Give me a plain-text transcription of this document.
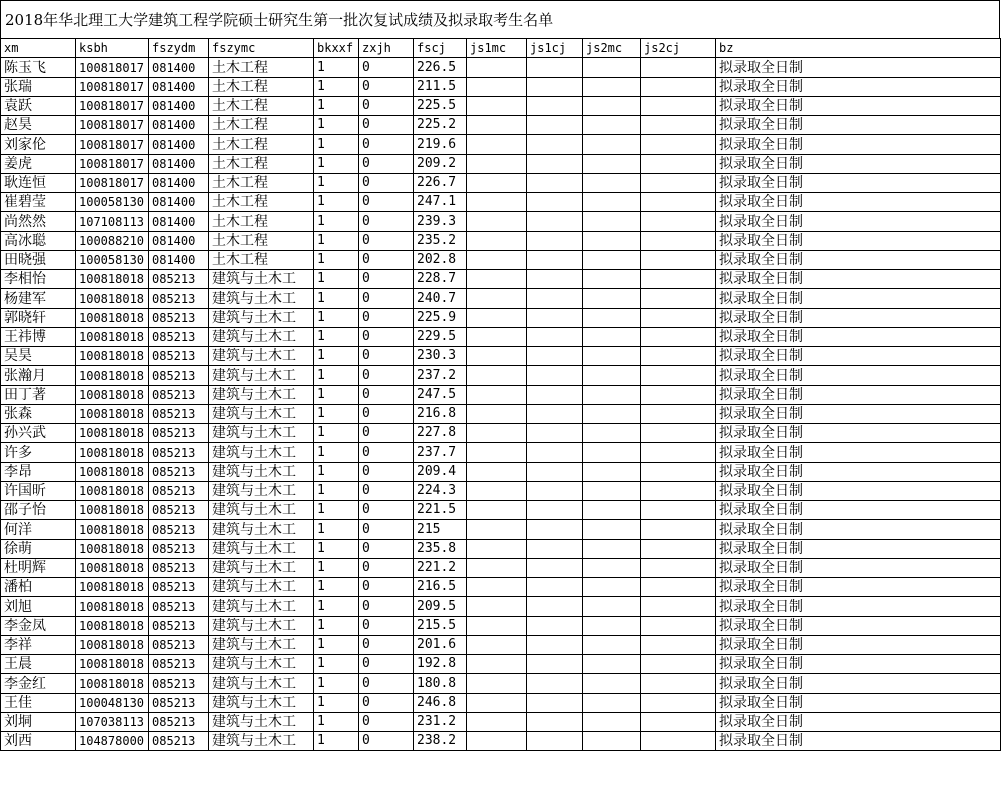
2018年华北理工大学建筑工程学院硕士研究生第一批次复试成绩及拟录取考生名单
xm	ksbh	fszydm	fszymc	bkxxf	zxjh	fscj	js1mc	js1cj	js2mc	js2cj	bz
陈玉飞	100818017	081400	土木工程	1	0	226.5					拟录取全日制
张瑞	100818017	081400	土木工程	1	0	211.5					拟录取全日制
袁跃	100818017	081400	土木工程	1	0	225.5					拟录取全日制
赵昊	100818017	081400	土木工程	1	0	225.2					拟录取全日制
刘家伦	100818017	081400	土木工程	1	0	219.6					拟录取全日制
姜虎	100818017	081400	土木工程	1	0	209.2					拟录取全日制
耿连恒	100818017	081400	土木工程	1	0	226.7					拟录取全日制
崔碧莹	100058130	081400	土木工程	1	0	247.1					拟录取全日制
尚然然	107108113	081400	土木工程	1	0	239.3					拟录取全日制
高冰聪	100088210	081400	土木工程	1	0	235.2					拟录取全日制
田晓强	100058130	081400	土木工程	1	0	202.8					拟录取全日制
李相怡	100818018	085213	建筑与土木工	1	0	228.7					拟录取全日制
杨建军	100818018	085213	建筑与土木工	1	0	240.7					拟录取全日制
郭晓轩	100818018	085213	建筑与土木工	1	0	225.9					拟录取全日制
王祎博	100818018	085213	建筑与土木工	1	0	229.5					拟录取全日制
吴昊	100818018	085213	建筑与土木工	1	0	230.3					拟录取全日制
张瀚月	100818018	085213	建筑与土木工	1	0	237.2					拟录取全日制
田丁著	100818018	085213	建筑与土木工	1	0	247.5					拟录取全日制
张森	100818018	085213	建筑与土木工	1	0	216.8					拟录取全日制
孙兴武	100818018	085213	建筑与土木工	1	0	227.8					拟录取全日制
许多	100818018	085213	建筑与土木工	1	0	237.7					拟录取全日制
李昂	100818018	085213	建筑与土木工	1	0	209.4					拟录取全日制
许国昕	100818018	085213	建筑与土木工	1	0	224.3					拟录取全日制
邵子怡	100818018	085213	建筑与土木工	1	0	221.5					拟录取全日制
何洋	100818018	085213	建筑与土木工	1	0	215					拟录取全日制
徐萌	100818018	085213	建筑与土木工	1	0	235.8					拟录取全日制
杜明辉	100818018	085213	建筑与土木工	1	0	221.2					拟录取全日制
潘柏	100818018	085213	建筑与土木工	1	0	216.5					拟录取全日制
刘旭	100818018	085213	建筑与土木工	1	0	209.5					拟录取全日制
李金凤	100818018	085213	建筑与土木工	1	0	215.5					拟录取全日制
李祥	100818018	085213	建筑与土木工	1	0	201.6					拟录取全日制
王晨	100818018	085213	建筑与土木工	1	0	192.8					拟录取全日制
李金红	100818018	085213	建筑与土木工	1	0	180.8					拟录取全日制
王佳	100048130	085213	建筑与土木工	1	0	246.8					拟录取全日制
刘垌	107038113	085213	建筑与土木工	1	0	231.2					拟录取全日制
刘西	104878000	085213	建筑与土木工	1	0	238.2					拟录取全日制
